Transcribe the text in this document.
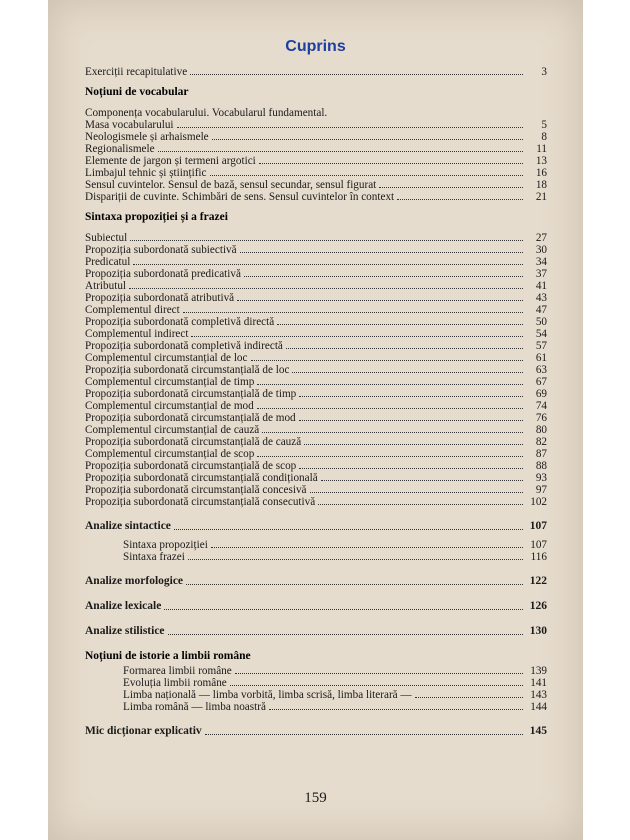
Cuprins
Exerciții recapitulative	3
Noțiuni de vocabular
Componența vocabularului. Vocabularul fundamental.
Masa vocabularului	5
Neologismele și arhaismele	8
Regionalismele	11
Elemente de jargon și termeni argotici	13
Limbajul tehnic și științific	16
Sensul cuvintelor. Sensul de bază, sensul secundar, sensul figurat	18
Dispariții de cuvinte. Schimbări de sens. Sensul cuvintelor în context	21
Sintaxa propoziției și a frazei
Subiectul	27
Propoziția subordonată subiectivă	30
Predicatul	34
Propoziția subordonată predicativă	37
Atributul	41
Propoziția subordonată atributivă	43
Complementul direct	47
Propoziția subordonată completivă directă	50
Complementul indirect	54
Propoziția subordonată completivă indirectă	57
Complementul circumstanțial de loc	61
Propoziția subordonată circumstanțială de loc	63
Complementul circumstanțial de timp	67
Propoziția subordonată circumstanțială de timp	69
Complementul circumstanțial de mod	74
Propoziția subordonată circumstanțială de mod	76
Complementul circumstanțial de cauză	80
Propoziția subordonată circumstanțială de cauză	82
Complementul circumstanțial de scop	87
Propoziția subordonată circumstanțială de scop	88
Propoziția subordonată circumstanțială condițională	93
Propoziția subordonată circumstanțială concesivă	97
Propoziția subordonată circumstanțială consecutivă	102
Analize sintactice	107
Sintaxa propoziției	107
Sintaxa frazei	116
Analize morfologice	122
Analize lexicale	126
Analize stilistice	130
Noțiuni de istorie a limbii române
Formarea limbii române	139
Evoluția limbii române	141
Limba națională — limba vorbită, limba scrisă, limba literară —	143
Limba română — limba noastră	144
Mic dicționar explicativ	145
159
